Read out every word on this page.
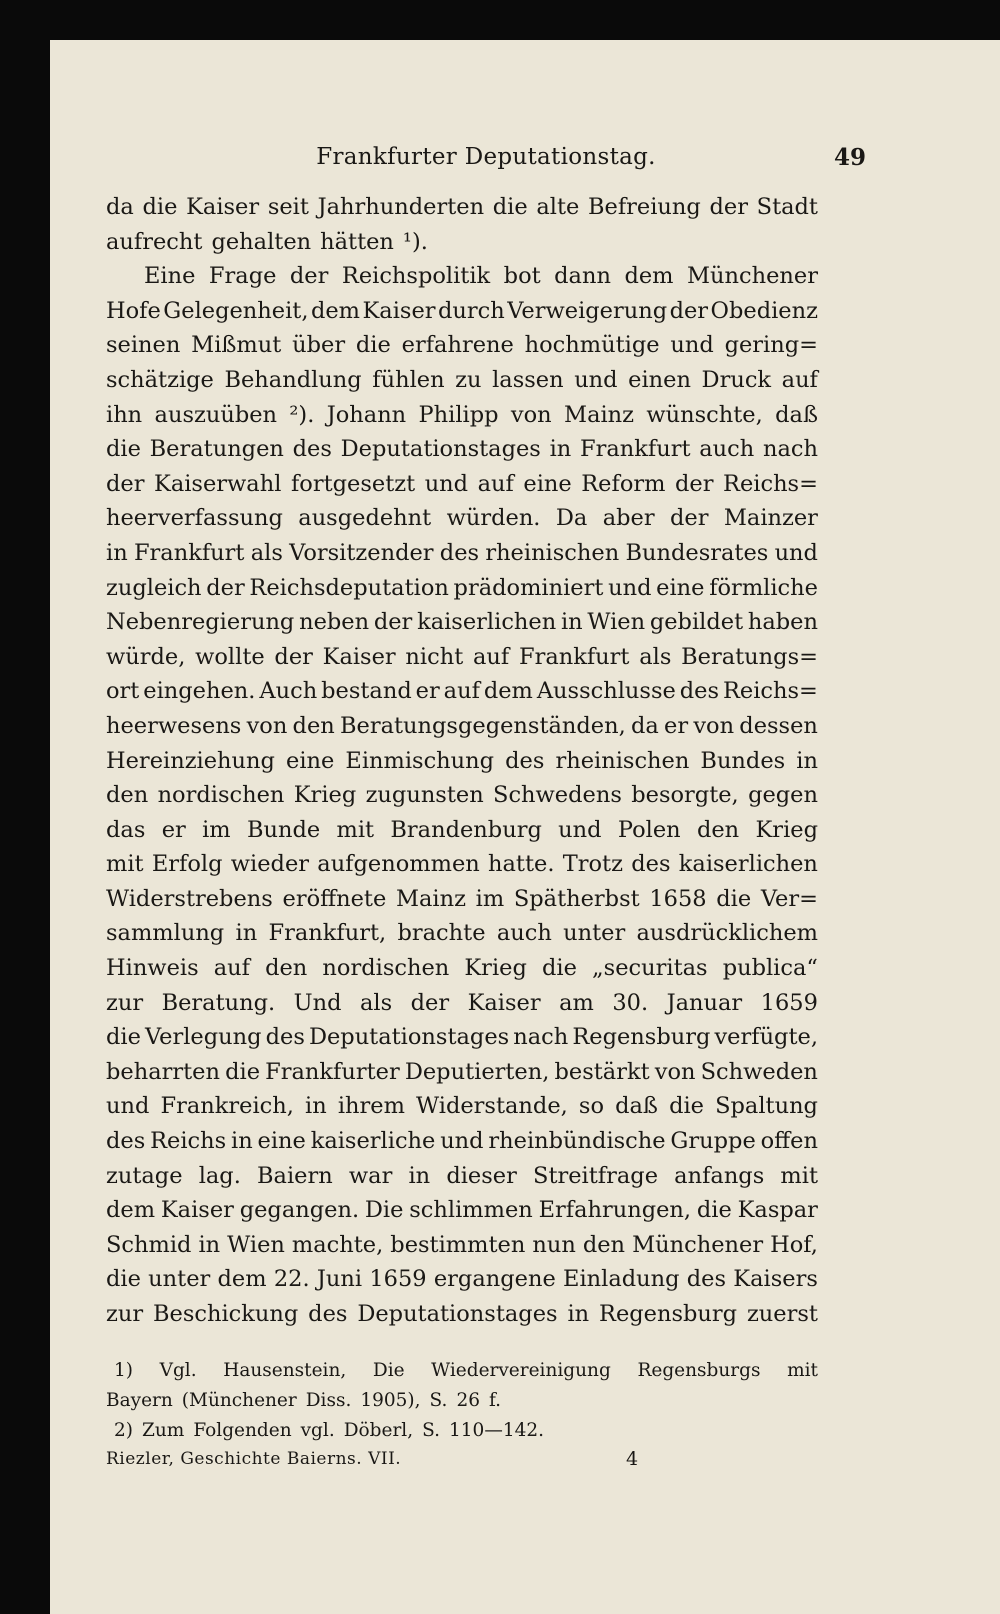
Frankfurter Deputationstag.	49
da die Kaiser seit Jahrhunderten die alte Befreiung der Stadt
aufrecht gehalten hätten ¹).
Eine Frage der Reichspolitik bot dann dem Münchener
Hofe Gelegenheit, dem Kaiser durch Verweigerung der Obedienz
seinen Mißmut über die erfahrene hochmütige und gering=
schätzige Behandlung fühlen zu lassen und einen Druck auf
ihn auszuüben ²). Johann Philipp von Mainz wünschte, daß
die Beratungen des Deputationstages in Frankfurt auch nach
der Kaiserwahl fortgesetzt und auf eine Reform der Reichs=
heerverfassung ausgedehnt würden. Da aber der Mainzer
in Frankfurt als Vorsitzender des rheinischen Bundesrates und
zugleich der Reichsdeputation prädominiert und eine förmliche
Nebenregierung neben der kaiserlichen in Wien gebildet haben
würde, wollte der Kaiser nicht auf Frankfurt als Beratungs=
ort eingehen. Auch bestand er auf dem Ausschlusse des Reichs=
heerwesens von den Beratungsgegenständen, da er von dessen
Hereinziehung eine Einmischung des rheinischen Bundes in
den nordischen Krieg zugunsten Schwedens besorgte, gegen
das er im Bunde mit Brandenburg und Polen den Krieg
mit Erfolg wieder aufgenommen hatte. Trotz des kaiserlichen
Widerstrebens eröffnete Mainz im Spätherbst 1658 die Ver=
sammlung in Frankfurt, brachte auch unter ausdrücklichem
Hinweis auf den nordischen Krieg die „securitas publica“
zur Beratung. Und als der Kaiser am 30. Januar 1659
die Verlegung des Deputationstages nach Regensburg verfügte,
beharrten die Frankfurter Deputierten, bestärkt von Schweden
und Frankreich, in ihrem Widerstande, so daß die Spaltung
des Reichs in eine kaiserliche und rheinbündische Gruppe offen
zutage lag. Baiern war in dieser Streitfrage anfangs mit
dem Kaiser gegangen. Die schlimmen Erfahrungen, die Kaspar
Schmid in Wien machte, bestimmten nun den Münchener Hof,
die unter dem 22. Juni 1659 ergangene Einladung des Kaisers
zur Beschickung des Deputationstages in Regensburg zuerst
1) Vgl. Hausenstein, Die Wiedervereinigung Regensburgs mit
Bayern (Münchener Diss. 1905), S. 26 f.
2) Zum Folgenden vgl. Döberl, S. 110—142.
Riezler, Geschichte Baierns. VII.	4
